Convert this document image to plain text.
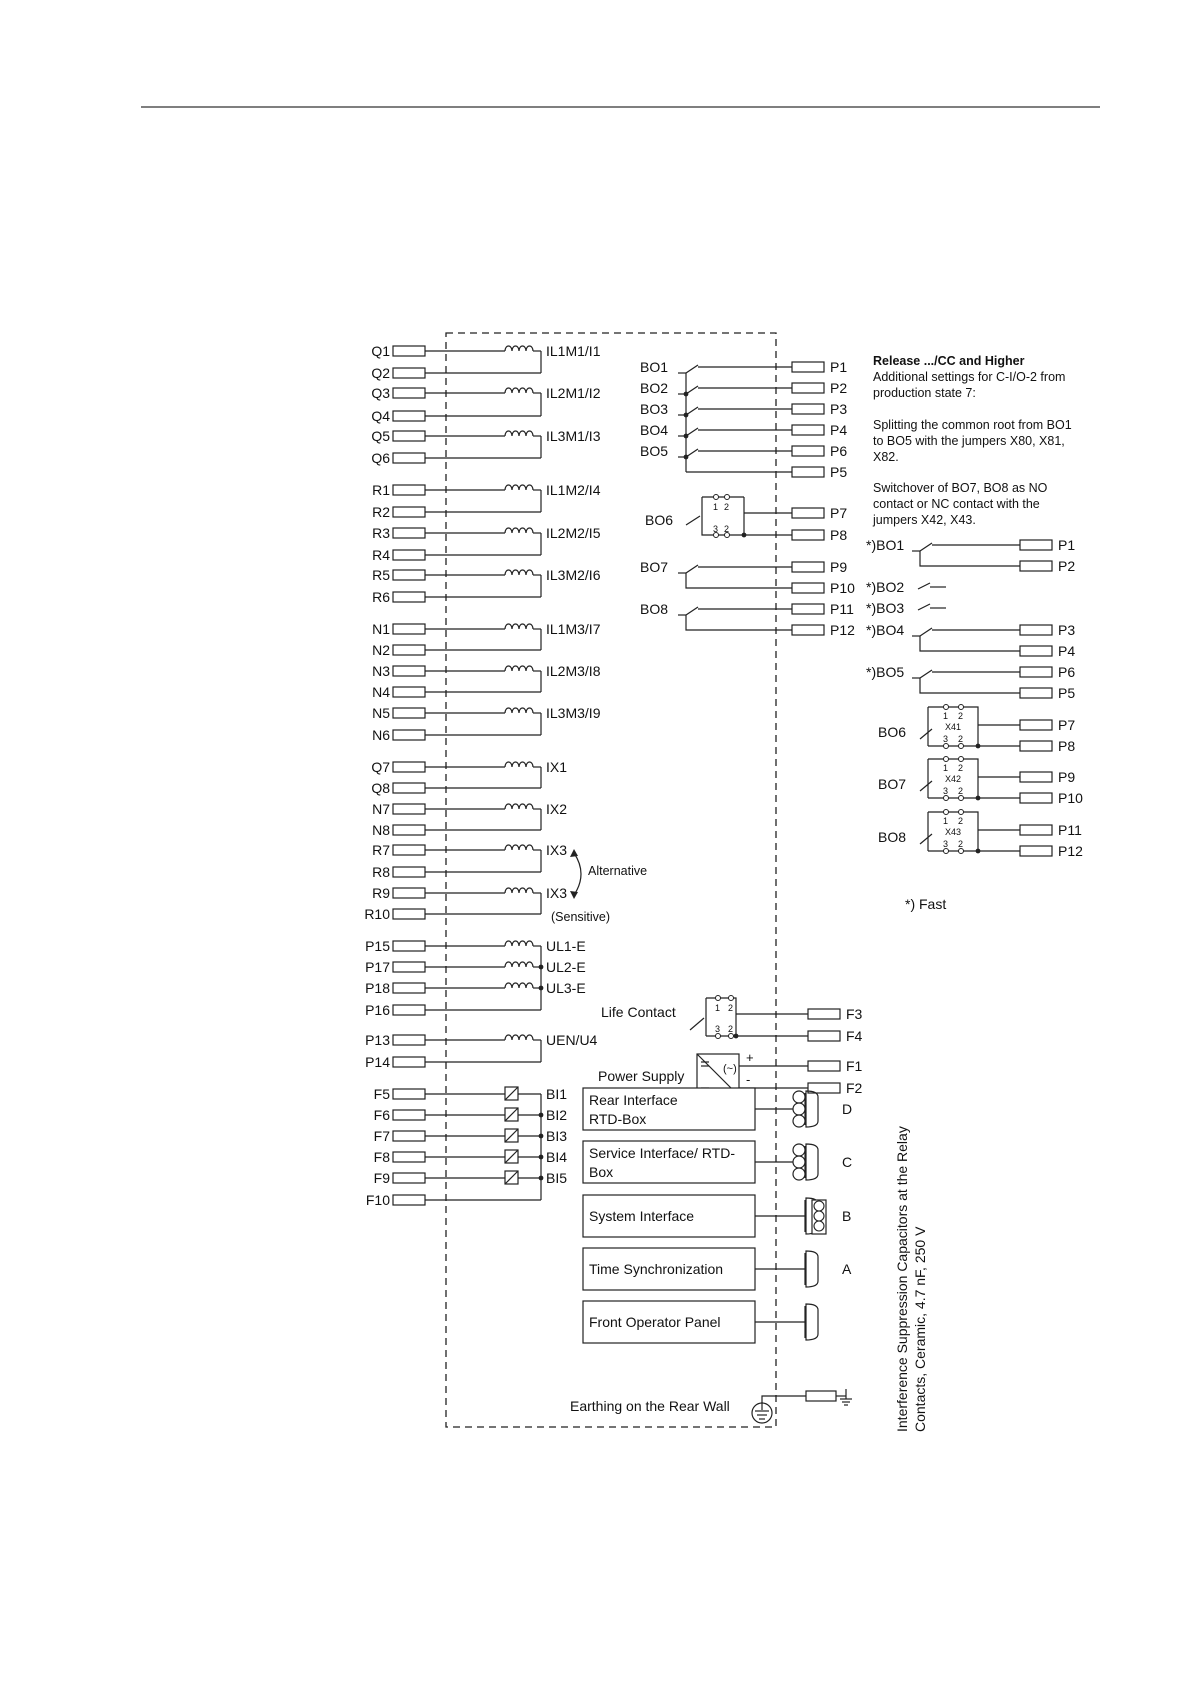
Q1
Q2
Q3
Q4
Q5
Q6
R1
R2
R3
R4
R5
R6
N1
N2
N3
N4
N5
N6
Q7
Q8
N7
N8
R7
R8
R9
R10
P15
P17
P18
P16
P13
P14
F5
F6
F7
F8
F9
F10
IL1M1/I1
IL2M1/I2
IL3M1/I3
IL1M2/I4
IL2M2/I5
IL3M2/I6
IL1M3/I7
IL2M3/I8
IL3M3/I9
IX1
IX2
IX3
IX3
UEN/U4
UL1-E
UL2-E
UL3-E
BI1
BI2
BI3
BI4
BI5
BO1
BO2
BO3
BO4
BO5
P1
P2
P3
P4
P6
P5
P7
P8
P9
P10
P11
P12
BO6
1 2
3 2
BO7
BO8
P1
P2
P3
P4
P6
P5
P7
P8
P9
P10
P11
P12
*)BO1
*)BO4
*)BO5
*)BO2
*)BO3
BO6
1 2
X41
3 2
BO7
1 2
X42
3 2
BO8
1 2
X43
3 2
Life Contact	1 2
3 2
F3
F4
Power Supply	(~)
+
-
F1
F2
Rear Interface
RTD-Box
D
Service Interface/ RTD-
Box
C
System Interface	B
Time Synchronization	A
Front Operator Panel
Release .../CC and Higher
Additional settings for C-I/O-2 from
production state 7:
Splitting the common root from BO1
to BO5 with the jumpers X80, X81,
X82.
Switchover of BO7, BO8 as NO
contact or NC contact with the
jumpers X42, X43.
*) Fast
Alternative
(Sensitive)
Earthing on the Rear Wall	Interference Suppression Capacitors at the Relay Contacts, Ceramic, 4.7 nF, 250 V
